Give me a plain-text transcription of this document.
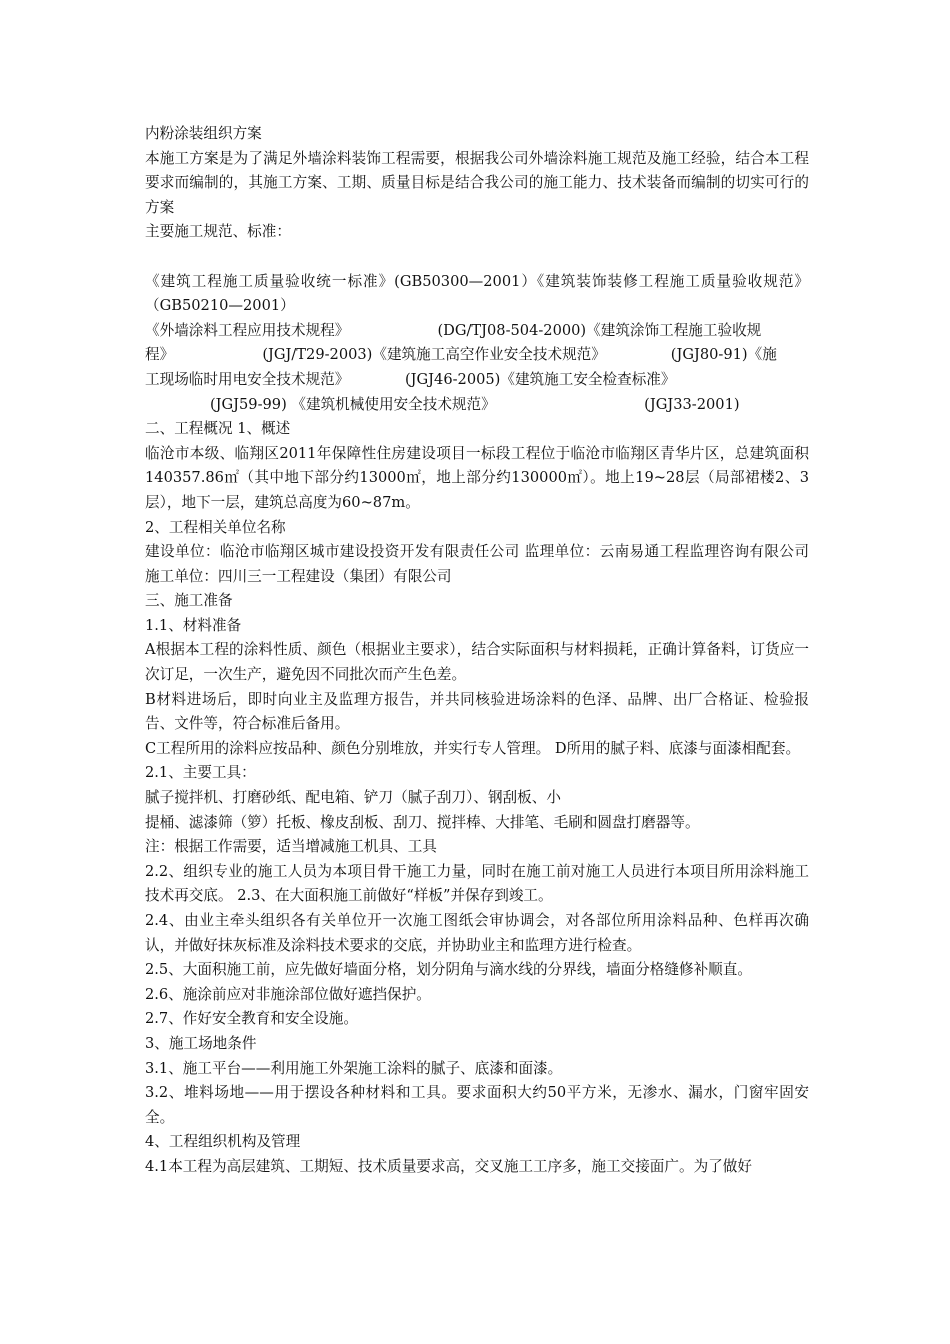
内粉涂装组织方案

本施工方案是为了满足外墙涂料装饰工程需要，根据我公司外墙涂料施工规范及施工经验，结合本工程要求而编制的，其施工方案、工期、质量目标是结合我公司的施工能力、技术装备而编制的切实可行的方案

主要施工规范、标准：

《建筑工程施工质量验收统一标准》(GB50300—2001）《建筑装饰装修工程施工质量验收规范》（GB50210—2001）

《外墙涂料工程应用技术规程》                   (DG/TJ08-504-2000)《建筑涂饰工程施工验收规
程》                   (JGJ/T29-2003)《建筑施工高空作业安全技术规范》              (JGJ80-91)《施
工现场临时用电安全技术规范》            (JGJ46-2005)《建筑施工安全检查标准》
(JGJ59-99) 《建筑机械使用安全技术规范》                                (JGJ33-2001)

二、工程概况 1、概述

临沧市本级、临翔区2011年保障性住房建设项目一标段工程位于临沧市临翔区青华片区，总建筑面积140357.86㎡（其中地下部分约13000㎡，地上部分约130000㎡）。地上19~28层（局部裙楼2、3层），地下一层，建筑总高度为60~87m。

2、工程相关单位名称

建设单位：临沧市临翔区城市建设投资开发有限责任公司 监理单位：云南易通工程监理咨询有限公司 施工单位：四川三一工程建设（集团）有限公司

三、施工准备

1.1、材料准备

A根据本工程的涂料性质、颜色（根据业主要求），结合实际面积与材料损耗，正确计算备料，订货应一次订足，一次生产，避免因不同批次而产生色差。

B材料进场后，即时向业主及监理方报告，并共同核验进场涂料的色泽、品牌、出厂合格证、检验报告、文件等，符合标准后备用。

C工程所用的涂料应按品种、颜色分别堆放，并实行专人管理。 D所用的腻子料、底漆与面漆相配套。

2.1、主要工具：

腻子搅拌机、打磨砂纸、配电箱、铲刀（腻子刮刀）、钢刮板、小

提桶、滤漆筛（箩）托板、橡皮刮板、刮刀、搅拌棒、大排笔、毛刷和圆盘打磨器等。

注：根据工作需要，适当增减施工机具、工具

2.2、组织专业的施工人员为本项目骨干施工力量，同时在施工前对施工人员进行本项目所用涂料施工技术再交底。 2.3、在大面积施工前做好“样板”并保存到竣工。

2.4、由业主牵头组织各有关单位开一次施工图纸会审协调会，对各部位所用涂料品种、色样再次确认，并做好抹灰标准及涂料技术要求的交底，并协助业主和监理方进行检查。

2.5、大面积施工前，应先做好墙面分格，划分阴角与滴水线的分界线，墙面分格缝修补顺直。

2.6、施涂前应对非施涂部位做好遮挡保护。

2.7、作好安全教育和安全设施。

3、施工场地条件

3.1、施工平台——利用施工外架施工涂料的腻子、底漆和面漆。

3.2、堆料场地——用于摆设各种材料和工具。要求面积大约50平方米，无渗水、漏水，门窗牢固安全。

4、工程组织机构及管理

4.1本工程为高层建筑、工期短、技术质量要求高，交叉施工工序多，施工交接面广。为了做好
